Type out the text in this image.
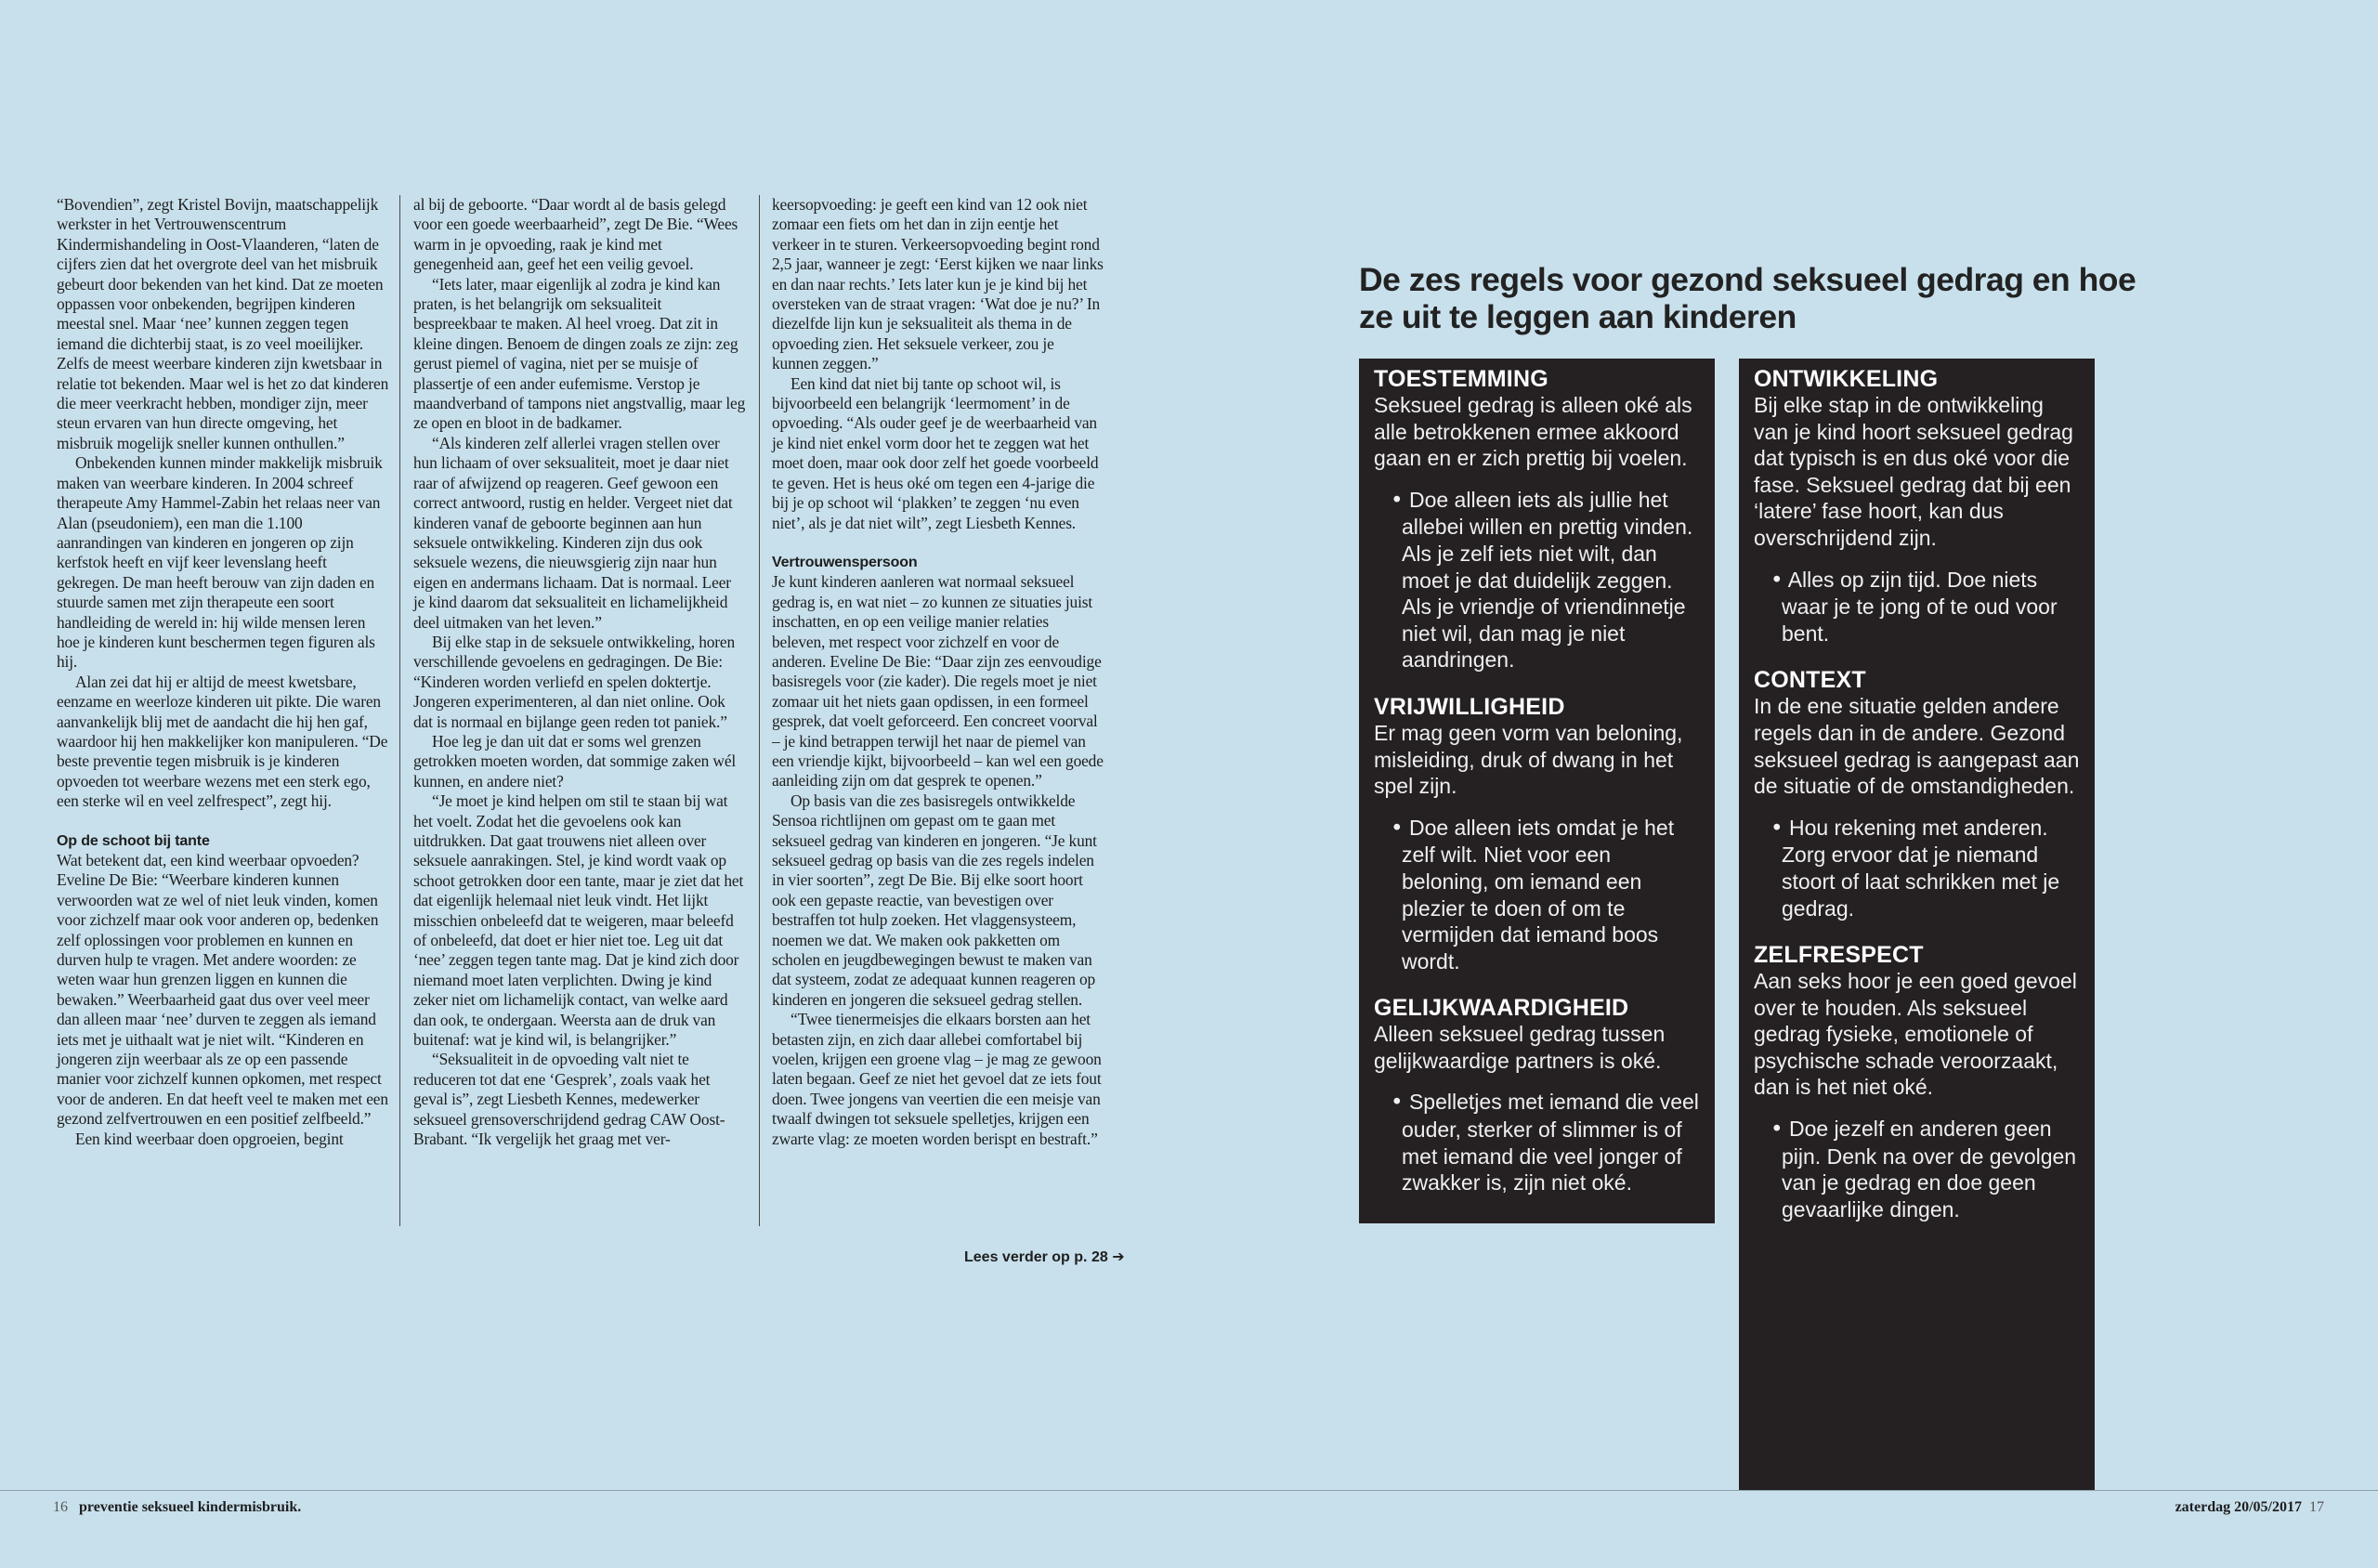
“Bovendien”, zegt Kristel Bovijn, maatschappelijk werkster in het Vertrouwenscentrum Kindermishandeling in Oost-Vlaanderen, “laten de cijfers zien dat het overgrote deel van het misbruik gebeurt door bekenden van het kind. Dat ze moeten oppassen voor onbekenden, begrijpen kinderen meestal snel. Maar ‘nee’ kunnen zeggen tegen iemand die dichterbij staat, is zo veel moeilijker. Zelfs de meest weerbare kinderen zijn kwetsbaar in relatie tot bekenden. Maar wel is het zo dat kinderen die meer veerkracht hebben, mondiger zijn, meer steun ervaren van hun directe omgeving, het misbruik mogelijk sneller kunnen onthullen.”

Onbekenden kunnen minder makkelijk misbruik maken van weerbare kinderen. In 2004 schreef therapeute Amy Hammel-Zabin het relaas neer van Alan (pseudoniem), een man die 1.100 aanrandingen van kinderen en jongeren op zijn kerfstok heeft en vijf keer levenslang heeft gekregen. De man heeft berouw van zijn daden en stuurde samen met zijn therapeute een soort handleiding de wereld in: hij wilde mensen leren hoe je kinderen kunt beschermen tegen figuren als hij.

Alan zei dat hij er altijd de meest kwetsbare, eenzame en weerloze kinderen uit pikte. Die waren aanvankelijk blij met de aandacht die hij hen gaf, waardoor hij hen makkelijker kon manipuleren. “De beste preventie tegen misbruik is je kinderen opvoeden tot weerbare wezens met een sterk ego, een sterke wil en veel zelfrespect”, zegt hij.

Op de schoot bij tante

Wat betekent dat, een kind weerbaar opvoeden? Eveline De Bie: “Weerbare kinderen kunnen verwoorden wat ze wel of niet leuk vinden, komen voor zichzelf maar ook voor anderen op, bedenken zelf oplossingen voor problemen en kunnen en durven hulp te vragen. Met andere woorden: ze weten waar hun grenzen liggen en kunnen die bewaken.” Weerbaarheid gaat dus over veel meer dan alleen maar ‘nee’ durven te zeggen als iemand iets met je uithaalt wat je niet wilt. “Kinderen en jongeren zijn weerbaar als ze op een passende manier voor zichzelf kunnen opkomen, met respect voor de anderen. En dat heeft veel te maken met een gezond zelfvertrouwen en een positief zelfbeeld.”

Een kind weerbaar doen opgroeien, begint

al bij de geboorte. “Daar wordt al de basis gelegd voor een goede weerbaarheid”, zegt De Bie. “Wees warm in je opvoeding, raak je kind met genegenheid aan, geef het een veilig gevoel.

“Iets later, maar eigenlijk al zodra je kind kan praten, is het belangrijk om seksualiteit bespreekbaar te maken. Al heel vroeg. Dat zit in kleine dingen. Benoem de dingen zoals ze zijn: zeg gerust piemel of vagina, niet per se muisje of plassertje of een ander eufemisme. Verstop je maandverband of tampons niet angstvallig, maar leg ze open en bloot in de badkamer.

“Als kinderen zelf allerlei vragen stellen over hun lichaam of over seksualiteit, moet je daar niet raar of afwijzend op reageren. Geef gewoon een correct antwoord, rustig en helder. Vergeet niet dat kinderen vanaf de geboorte beginnen aan hun seksuele ontwikkeling. Kinderen zijn dus ook seksuele wezens, die nieuwsgierig zijn naar hun eigen en andermans lichaam. Dat is normaal. Leer je kind daarom dat seksualiteit en lichamelijkheid deel uitmaken van het leven.”

Bij elke stap in de seksuele ontwikkeling, horen verschillende gevoelens en gedragingen. De Bie: “Kinderen worden verliefd en spelen doktertje. Jongeren experimenteren, al dan niet online. Ook dat is normaal en bijlange geen reden tot paniek.”

Hoe leg je dan uit dat er soms wel grenzen getrokken moeten worden, dat sommige zaken wél kunnen, en andere niet?

“Je moet je kind helpen om stil te staan bij wat het voelt. Zodat het die gevoelens ook kan uitdrukken. Dat gaat trouwens niet alleen over seksuele aanrakingen. Stel, je kind wordt vaak op schoot getrokken door een tante, maar je ziet dat het dat eigenlijk helemaal niet leuk vindt. Het lijkt misschien onbeleefd dat te weigeren, maar beleefd of onbeleefd, dat doet er hier niet toe. Leg uit dat ‘nee’ zeggen tegen tante mag. Dat je kind zich door niemand moet laten verplichten. Dwing je kind zeker niet om lichamelijk contact, van welke aard dan ook, te ondergaan. Weersta aan de druk van buitenaf: wat je kind wil, is belangrijker.”

“Seksualiteit in de opvoeding valt niet te reduceren tot dat ene ‘Gesprek’, zoals vaak het geval is”, zegt Liesbeth Kennes, medewerker seksueel grensoverschrijdend gedrag CAW Oost-Brabant. “Ik vergelijk het graag met ver-

keersopvoeding: je geeft een kind van 12 ook niet zomaar een fiets om het dan in zijn eentje het verkeer in te sturen. Verkeersopvoeding begint rond 2,5 jaar, wanneer je zegt: ‘Eerst kijken we naar links en dan naar rechts.’ Iets later kun je je kind bij het oversteken van de straat vragen: ‘Wat doe je nu?’ In diezelfde lijn kun je seksualiteit als thema in de opvoeding zien. Het seksuele verkeer, zou je kunnen zeggen.”

Een kind dat niet bij tante op schoot wil, is bijvoorbeeld een belangrijk ‘leermoment’ in de opvoeding. “Als ouder geef je de weerbaarheid van je kind niet enkel vorm door het te zeggen wat het moet doen, maar ook door zelf het goede voorbeeld te geven. Het is heus oké om tegen een 4-jarige die bij je op schoot wil ‘plakken’ te zeggen ‘nu even niet’, als je dat niet wilt”, zegt Liesbeth Kennes.

Vertrouwenspersoon

Je kunt kinderen aanleren wat normaal seksueel gedrag is, en wat niet – zo kunnen ze situaties juist inschatten, en op een veilige manier relaties beleven, met respect voor zichzelf en voor de anderen. Eveline De Bie: “Daar zijn zes eenvoudige basisregels voor (zie kader). Die regels moet je niet zomaar uit het niets gaan opdissen, in een formeel gesprek, dat voelt geforceerd. Een concreet voorval – je kind betrappen terwijl het naar de piemel van een vriendje kijkt, bijvoorbeeld – kan wel een goede aanleiding zijn om dat gesprek te openen.”

Op basis van die zes basisregels ontwikkelde Sensoa richtlijnen om gepast om te gaan met seksueel gedrag van kinderen en jongeren. “Je kunt seksueel gedrag op basis van die zes regels indelen in vier soorten”, zegt De Bie. Bij elke soort hoort ook een gepaste reactie, van bevestigen over bestraffen tot hulp zoeken. Het vlaggensysteem, noemen we dat. We maken ook pakketten om scholen en jeugdbewegingen bewust te maken van dat systeem, zodat ze adequaat kunnen reageren op kinderen en jongeren die seksueel gedrag stellen.

“Twee tienermeisjes die elkaars borsten aan het betasten zijn, en zich daar allebei comfortabel bij voelen, krijgen een groene vlag – je mag ze gewoon laten begaan. Geef ze niet het gevoel dat ze iets fout doen. Twee jongens van veertien die een meisje van twaalf dwingen tot seksuele spelletjes, krijgen een zwarte vlag: ze moeten worden berispt en bestraft.”

Lees verder op p. 28 ➔
De zes regels voor gezond seksueel gedrag en hoe ze uit te leggen aan kinderen
TOESTEMMING

Seksueel gedrag is alleen oké als alle betrokkenen ermee akkoord gaan en er zich prettig bij voelen.

• Doe alleen iets als jullie het allebei willen en prettig vinden. Als je zelf iets niet wilt, dan moet je dat duidelijk zeggen. Als je vriendje of vriendinnetje niet wil, dan mag je niet aandringen.

VRIJWILLIGHEID

Er mag geen vorm van beloning, misleiding, druk of dwang in het spel zijn.

• Doe alleen iets omdat je het zelf wilt. Niet voor een beloning, om iemand een plezier te doen of om te vermijden dat iemand boos wordt.

GELIJKWAARDIGHEID

Alleen seksueel gedrag tussen gelijkwaardige partners is oké.

• Spelletjes met iemand die veel ouder, sterker of slimmer is of met iemand die veel jonger of zwakker is, zijn niet oké.

ONTWIKKELING

Bij elke stap in de ontwikkeling van je kind hoort seksueel gedrag dat typisch is en dus oké voor die fase. Seksueel gedrag dat bij een ‘latere’ fase hoort, kan dus overschrijdend zijn.

• Alles op zijn tijd. Doe niets waar je te jong of te oud voor bent.

CONTEXT

In de ene situatie gelden andere regels dan in de andere. Gezond seksueel gedrag is aangepast aan de situatie of de omstandigheden.

• Hou rekening met anderen. Zorg ervoor dat je niemand stoort of laat schrikken met je gedrag.

ZELFRESPECT

Aan seks hoor je een goed gevoel over te houden. Als seksueel gedrag fysieke, emotionele of psychische schade veroorzaakt, dan is het niet oké.

• Doe jezelf en anderen geen pijn. Denk na over de gevolgen van je gedrag en doe geen gevaarlijke dingen.

16 preventie seksueel kindermisbruik.	zaterdag 20/05/2017 17
